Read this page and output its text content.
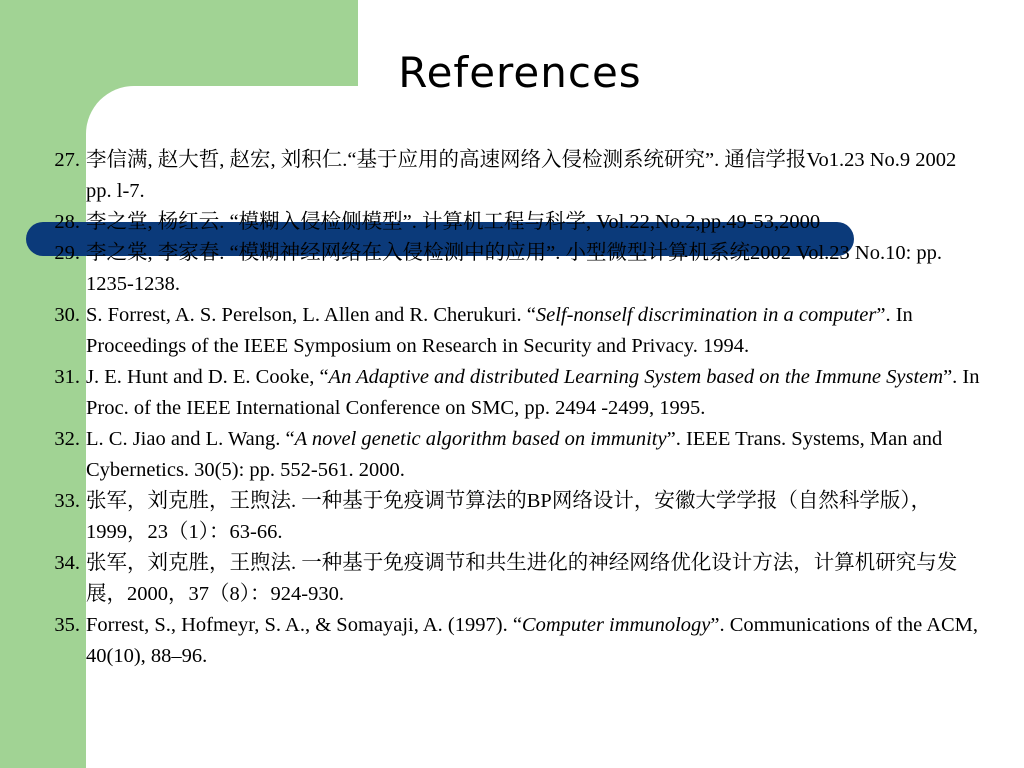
References
27. 李信满, 赵大哲, 赵宏, 刘积仁.“基于应用的高速网络入侵检测系统研究”. 通信学报Vo1.23 No.9 2002 pp. l-7.
28. 李之堂, 杨红云. “模糊入侵检侧模型”. 计算机工程与科学, Vol.22,No.2,pp.49-53,2000
29. 李之棠, 李家春. “模糊神经网络在入侵检测中的应用”. 小型微型计算机系统2002 Vol.23 No.10: pp. 1235-1238.
30. S. Forrest, A. S. Perelson, L. Allen and R. Cherukuri. “Self-nonself discrimination in a computer”. In Proceedings of the IEEE Symposium on Research in Security and Privacy. 1994.
31. J. E. Hunt and D. E. Cooke, “An Adaptive and distributed Learning System based on the Immune System”. In Proc. of the IEEE International Conference on SMC, pp. 2494 -2499, 1995.
32. L. C. Jiao and L. Wang. “A novel genetic algorithm based on immunity”. IEEE Trans. Systems, Man and Cybernetics. 30(5): pp. 552-561. 2000.
33. 张军，刘克胜，王煦法. 一种基于免疫调节算法的BP网络设计，安徽大学学报（自然科学版），1999，23（1）：63-66.
34. 张军，刘克胜，王煦法. 一种基于免疫调节和共生进化的神经网络优化设计方法，计算机研究与发展，2000，37（8）：924-930.
35. Forrest, S., Hofmeyr, S. A., & Somayaji, A. (1997). “Computer immunology”. Communications of the ACM, 40(10), 88–96.
